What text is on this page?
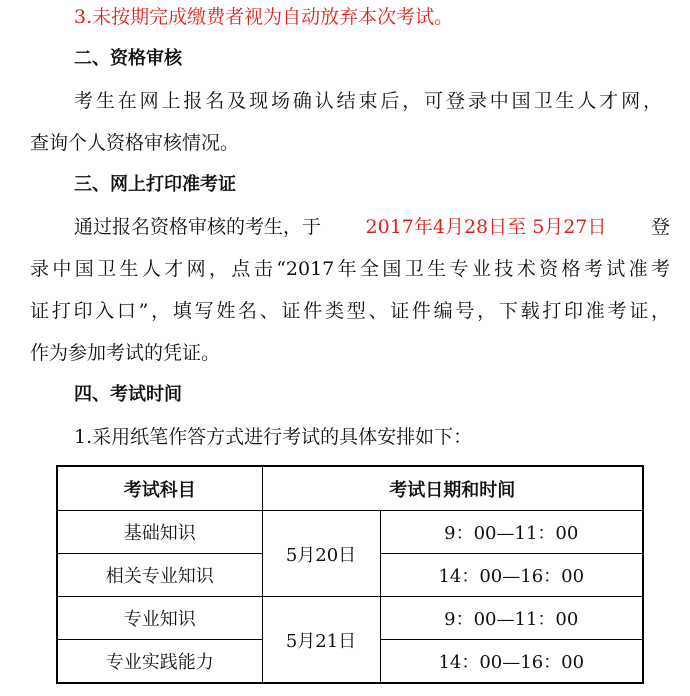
3.未按期完成缴费者视为自动放弃本次考试。
二、资格审核
考生在网上报名及现场确认结束后，可登录中国卫生人才网，
查询个人资格审核情况。
三、网上打印准考证
通过报名资格审核的考生，于 2017年4月28日至 5月27日 登
录中国卫生人才网，点击“2017年全国卫生专业技术资格考试准考
证打印入口”，填写姓名、证件类型、证件编号，下载打印准考证，
作为参加考试的凭证。
四、考试时间
1.采用纸笔作答方式进行考试的具体安排如下：
考试科目	考试日期和时间	
基础知识	5月20日	9：00—11：00
相关专业知识		14：00—16：00
专业知识	5月21日	9：00—11：00
专业实践能力		14：00—16：00
